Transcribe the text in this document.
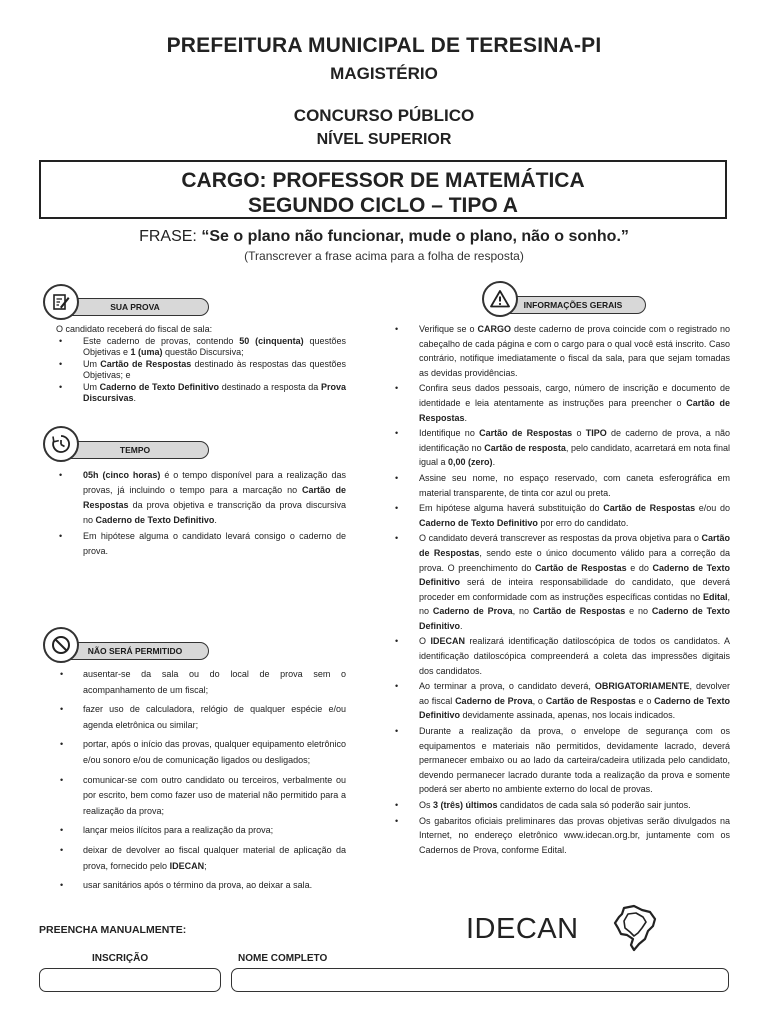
PREFEITURA MUNICIPAL DE TERESINA-PI
MAGISTÉRIO
CONCURSO PÚBLICO
NÍVEL SUPERIOR
CARGO: PROFESSOR DE MATEMÁTICA
SEGUNDO CICLO – TIPO A
FRASE: “Se o plano não funcionar, mude o plano, não o sonho.”
(Transcrever a frase acima para a folha de resposta)
SUA PROVA

O candidato receberá do fiscal de sala:

• Este caderno de provas, contendo 50 (cinquenta) questões Objetivas e 1 (uma) questão Discursiva;
• Um Cartão de Respostas destinado às respostas das questões Objetivas; e
• Um Caderno de Texto Definitivo destinado a resposta da Prova Discursivas.
TEMPO
• 05h (cinco horas) é o tempo disponível para a realização das provas, já incluindo o tempo para a marcação no Cartão de Respostas da prova objetiva e transcrição da prova discursiva no Caderno de Texto Definitivo.
• Em hipótese alguma o candidato levará consigo o caderno de prova.
NÃO SERÁ PERMITIDO
• ausentar-se da sala ou do local de prova sem o acompanhamento de um fiscal;
• fazer uso de calculadora, relógio de qualquer espécie e/ou agenda eletrônica ou similar;
• portar, após o início das provas, qualquer equipamento eletrônico e/ou sonoro e/ou de comunicação ligados ou desligados;
• comunicar-se com outro candidato ou terceiros, verbalmente ou por escrito, bem como fazer uso de material não permitido para a realização da prova;
• lançar meios ilícitos para a realização da prova;
• deixar de devolver ao fiscal qualquer material de aplicação da prova, fornecido pelo IDECAN;
• usar sanitários após o término da prova, ao deixar a sala.
INFORMAÇÕES GERAIS
• Verifique se o CARGO deste caderno de prova coincide com o registrado no cabeçalho de cada página e com o cargo para o qual você está inscrito. Caso contrário, notifique imediatamente o fiscal da sala, para que sejam tomadas as devidas providências.
• Confira seus dados pessoais, cargo, número de inscrição e documento de identidade e leia atentamente as instruções para preencher o Cartão de Respostas.
• Identifique no Cartão de Respostas o TIPO de caderno de prova, a não identificação no Cartão de resposta, pelo candidato, acarretará em nota final igual a 0,00 (zero).
• Assine seu nome, no espaço reservado, com caneta esferográfica em material transparente, de tinta cor azul ou preta.
• Em hipótese alguma haverá substituição do Cartão de Respostas e/ou do Caderno de Texto Definitivo por erro do candidato.
• O candidato deverá transcrever as respostas da prova objetiva para o Cartão de Respostas, sendo este o único documento válido para a correção da prova. O preenchimento do Cartão de Respostas e do Caderno de Texto Definitivo será de inteira responsabilidade do candidato, que deverá proceder em conformidade com as instruções específicas contidas no Edital, no Caderno de Prova, no Cartão de Respostas e no Caderno de Texto Definitivo.
• O IDECAN realizará identificação datiloscópica de todos os candidatos. A identificação datiloscópica compreenderá a coleta das impressões digitais dos candidatos.
• Ao terminar a prova, o candidato deverá, OBRIGATORIAMENTE, devolver ao fiscal Caderno de Prova, o Cartão de Respostas e o Caderno de Texto Definitivo devidamente assinada, apenas, nos locais indicados.
• Durante a realização da prova, o envelope de segurança com os equipamentos e materiais não permitidos, devidamente lacrado, deverá permanecer embaixo ou ao lado da carteira/cadeira utilizada pelo candidato, devendo permanecer lacrado durante toda a realização da prova e somente poderá ser aberto no ambiente externo do local de provas.
• Os 3 (três) últimos candidatos de cada sala só poderão sair juntos.
• Os gabaritos oficiais preliminares das provas objetivas serão divulgados na Internet, no endereço eletrônico www.idecan.org.br, juntamente com os Cadernos de Prova, conforme Edital.
PREENCHA MANUALMENTE:
INSCRIÇÃO	NOME COMPLETO
IDECAN
